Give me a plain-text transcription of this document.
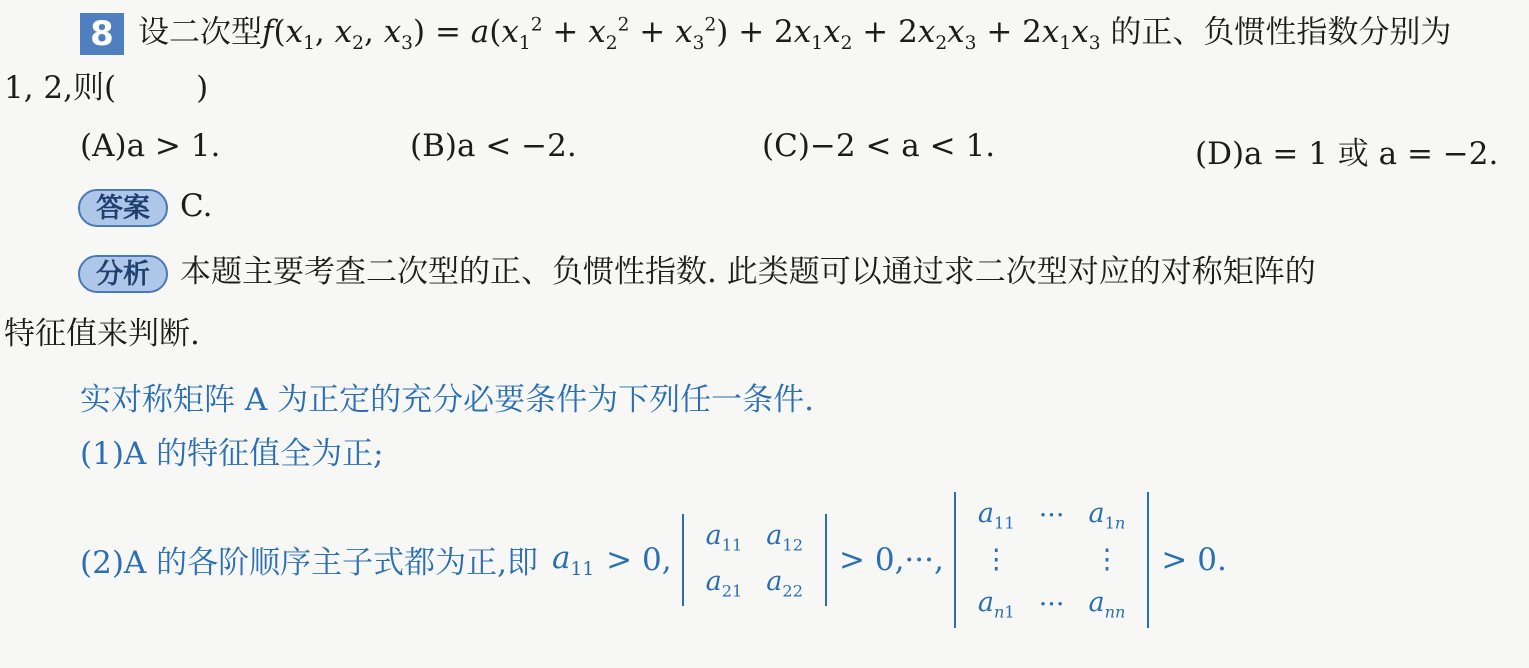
8 设二次型$f(x_1$, $x_2$, $x_3) = a(x_1^2 + x_2^2 + x_3^2) + 2x_1x_2 + 2x_2x_3 + 2x_1x_3$ 的正、负惯性指数分别为
1, 2,则(	)
(A)a > 1.	(B)a < −2.	(C)−2 < a < 1.	(D)a = 1 或 a = −2.
答案 C.
分析 本题主要考查二次型的正、负惯性指数. 此类题可以通过求二次型对应的对称矩阵的
特征值来判断.
实对称矩阵 A 为正定的充分必要条件为下列任一条件.
(1)A 的特征值全为正;
(2)A 的各阶顺序主子式都为正,即 $a_{11} > 0$,
$a_{11}$	$a_{12}$
$a_{21}$	$a_{22}$
> 0,···,
$a_{11}$	···	$a_{1n}$
⋮		⋮
$a_{n1}$	···	$a_{nn}$
> 0.
